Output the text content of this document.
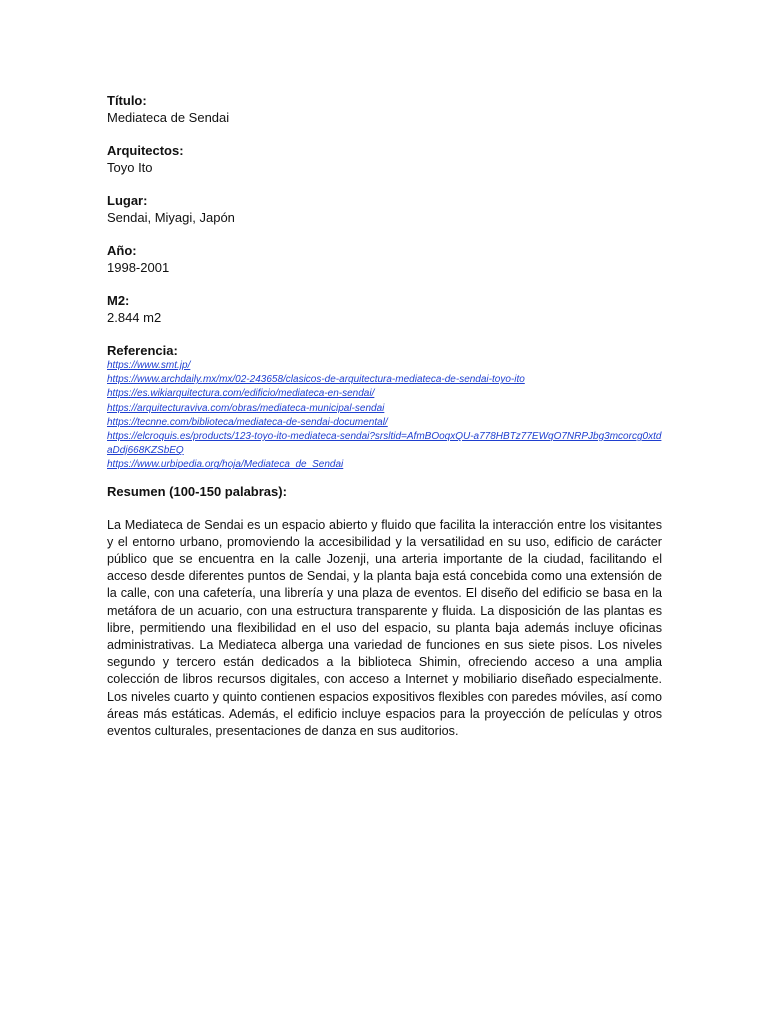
Título:
Mediateca de Sendai
Arquitectos:
Toyo Ito
Lugar:
Sendai, Miyagi, Japón
Año:
1998-2001
M2:
2.844 m2
Referencia:
https://www.smt.jp/
https://www.archdaily.mx/mx/02-243658/clasicos-de-arquitectura-mediateca-de-sendai-toyo-ito
https://es.wikiarquitectura.com/edificio/mediateca-en-sendai/
https://arquitecturaviva.com/obras/mediateca-municipal-sendai
https://tecnne.com/biblioteca/mediateca-de-sendai-documental/
https://elcroquis.es/products/123-toyo-ito-mediateca-sendai?srsltid=AfmBOoqxQU-a778HBTz77EWqO7NRPJbg3mcorcg0xtdaDdj668KZSbEQ
https://www.urbipedia.org/hoja/Mediateca_de_Sendai
Resumen (100-150 palabras):
La Mediateca de Sendai es un espacio abierto y fluido que facilita la interacción entre los visitantes y el entorno urbano, promoviendo la accesibilidad y la versatilidad en su uso, edificio de carácter público que se encuentra en la calle Jozenji, una arteria importante de la ciudad, facilitando el acceso desde diferentes puntos de Sendai, y la planta baja está concebida como una extensión de la calle, con una cafetería, una librería y una plaza de eventos. El diseño del edificio se basa en la metáfora de un acuario, con una estructura transparente y fluida. La disposición de las plantas es libre, permitiendo una flexibilidad en el uso del espacio, su planta baja además incluye oficinas administrativas. La Mediateca alberga una variedad de funciones en sus siete pisos. Los niveles segundo y tercero están dedicados a la biblioteca Shimin, ofreciendo acceso a una amplia colección de libros recursos digitales, con acceso a Internet y mobiliario diseñado especialmente. Los niveles cuarto y quinto contienen espacios expositivos flexibles con paredes móviles, así como áreas más estáticas. Además, el edificio incluye espacios para la proyección de películas y otros eventos culturales, presentaciones de danza en sus auditorios.
